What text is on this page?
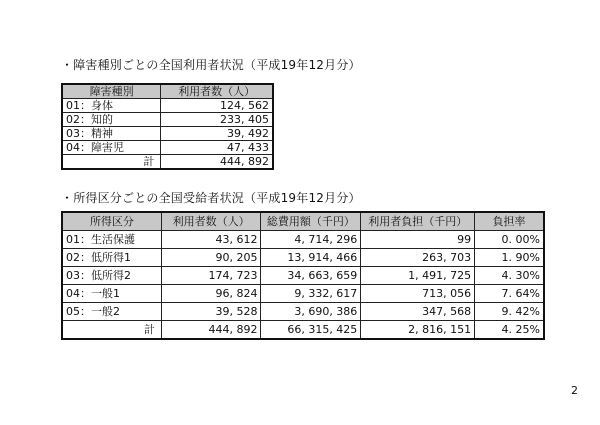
・障害種別ごとの全国利用者状況（平成19年12月分）
障害種別	利用者数（人）
01：身体	124, 562
02：知的	233, 405
03：精神	39, 492
04：障害児	47, 433
計	444, 892
・所得区分ごとの全国受給者状況（平成19年12月分）
所得区分	利用者数（人）	総費用額（千円）	利用者負担（千円）	負担率
01：生活保護	43, 612	4, 714, 296	99	0. 00%
02：低所得1	90, 205	13, 914, 466	263, 703	1. 90%
03：低所得2	174, 723	34, 663, 659	1, 491, 725	4. 30%
04：一般1	96, 824	9, 332, 617	713, 056	7. 64%
05：一般2	39, 528	3, 690, 386	347, 568	9. 42%
計	444, 892	66, 315, 425	2, 816, 151	4. 25%
2
